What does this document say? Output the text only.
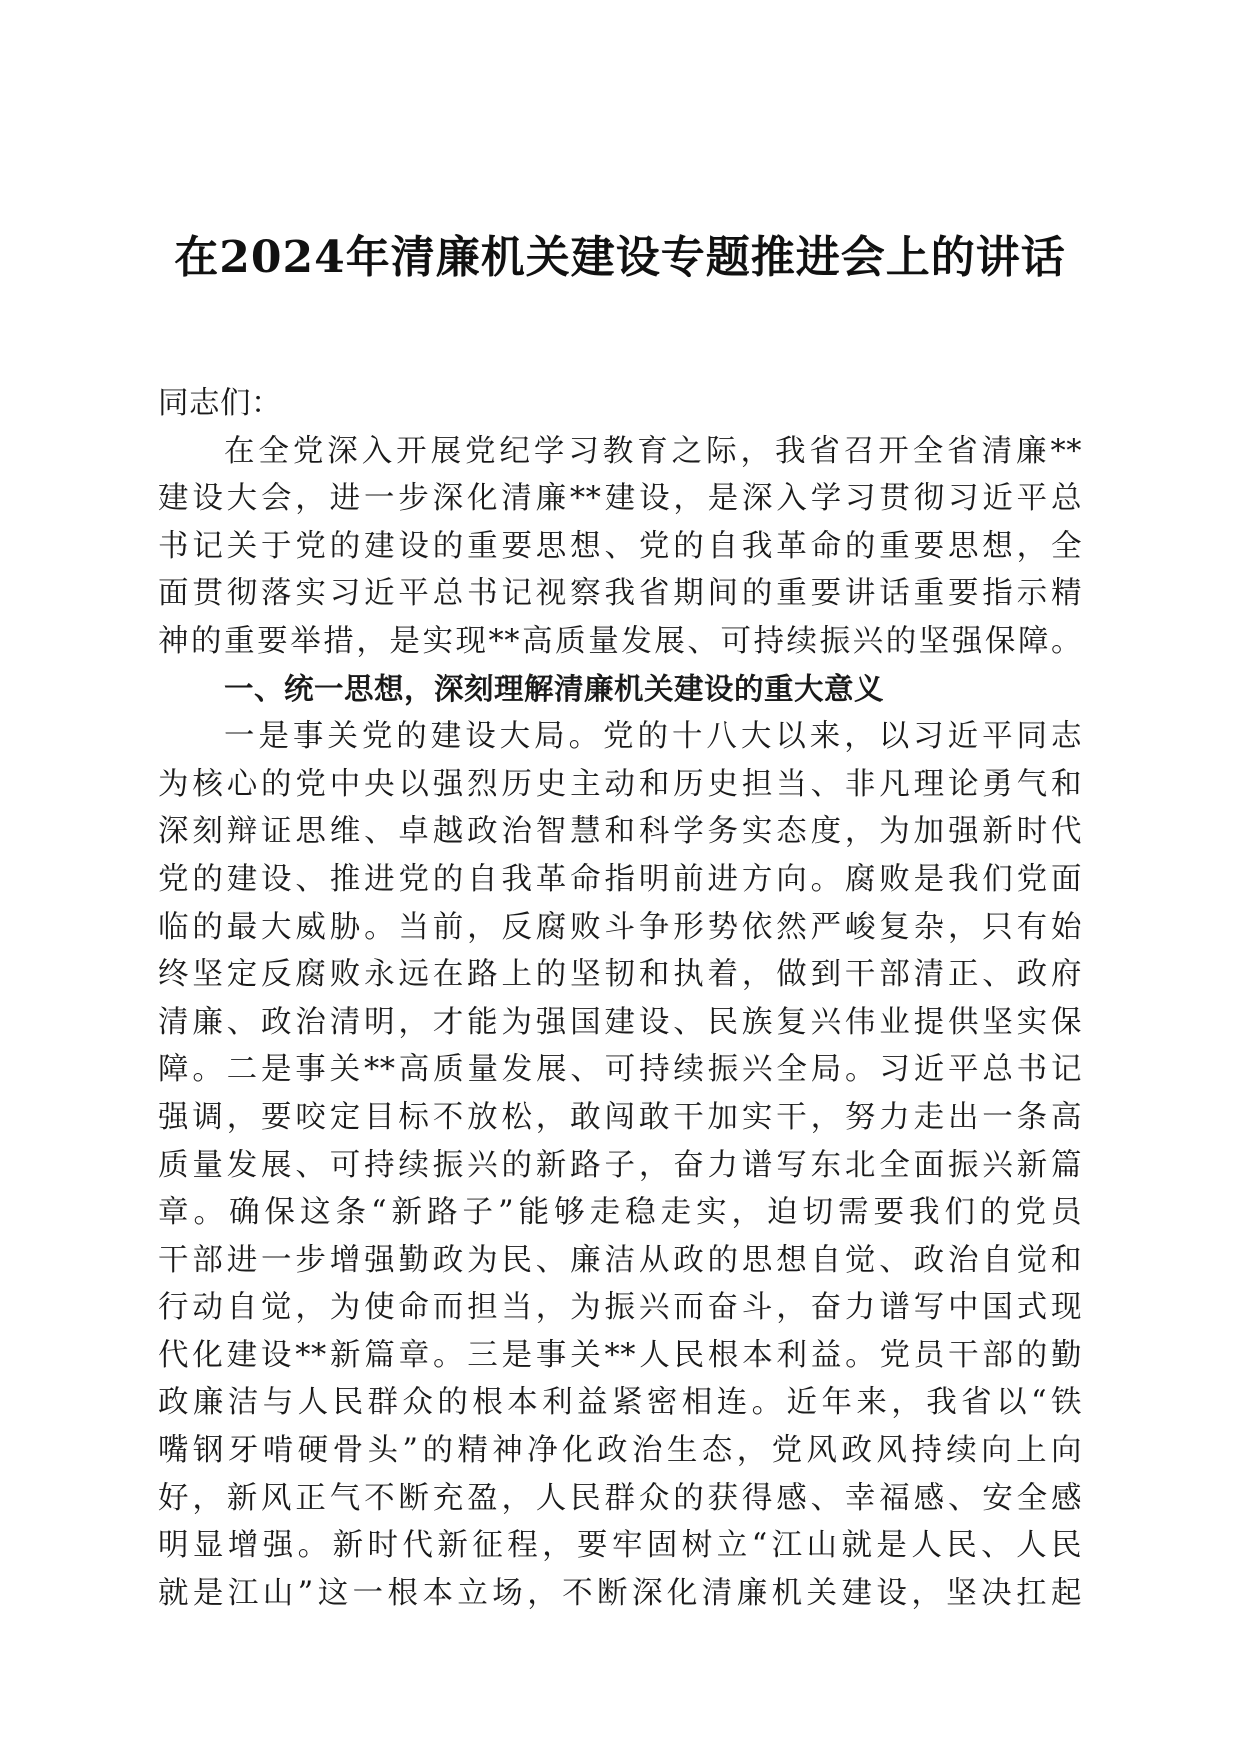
在2024年清廉机关建设专题推进会上的讲话
同志们：
在全党深入开展党纪学习教育之际，我省召开全省清廉**
建设大会，进一步深化清廉**建设，是深入学习贯彻习近平总
书记关于党的建设的重要思想、党的自我革命的重要思想，全
面贯彻落实习近平总书记视察我省期间的重要讲话重要指示精
神的重要举措，是实现**高质量发展、可持续振兴的坚强保障。
一、统一思想，深刻理解清廉机关建设的重大意义
一是事关党的建设大局。党的十八大以来，以习近平同志
为核心的党中央以强烈历史主动和历史担当、非凡理论勇气和
深刻辩证思维、卓越政治智慧和科学务实态度，为加强新时代
党的建设、推进党的自我革命指明前进方向。腐败是我们党面
临的最大威胁。当前，反腐败斗争形势依然严峻复杂，只有始
终坚定反腐败永远在路上的坚韧和执着，做到干部清正、政府
清廉、政治清明，才能为强国建设、民族复兴伟业提供坚实保
障。二是事关**高质量发展、可持续振兴全局。习近平总书记
强调，要咬定目标不放松，敢闯敢干加实干，努力走出一条高
质量发展、可持续振兴的新路子，奋力谱写东北全面振兴新篇
章。确保这条“新路子”能够走稳走实，迫切需要我们的党员
干部进一步增强勤政为民、廉洁从政的思想自觉、政治自觉和
行动自觉，为使命而担当，为振兴而奋斗，奋力谱写中国式现
代化建设**新篇章。三是事关**人民根本利益。党员干部的勤
政廉洁与人民群众的根本利益紧密相连。近年来，我省以“铁
嘴钢牙啃硬骨头”的精神净化政治生态，党风政风持续向上向
好，新风正气不断充盈，人民群众的获得感、幸福感、安全感
明显增强。新时代新征程，要牢固树立“江山就是人民、人民
就是江山”这一根本立场，不断深化清廉机关建设，坚决扛起
